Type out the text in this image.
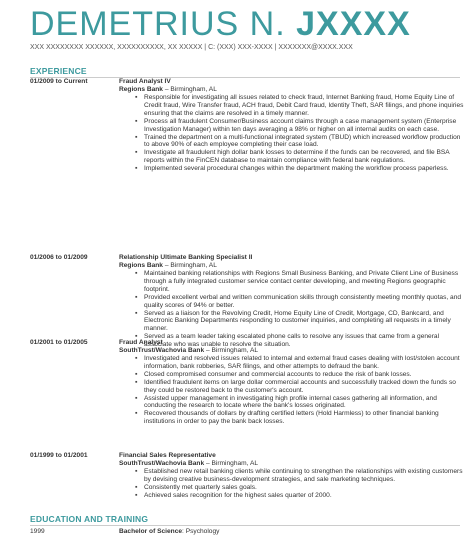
DEMETRIUS N. JXXXX
XXX XXXXXXXX XXXXXX, XXXXXXXXXX, XX XXXXX | C: (XXX) XXX-XXXX | XXXXXXX@XXXX.XXX
EXPERIENCE
01/2009 to Current	Fraud Analyst IV
Regions Bank – Birmingham, AL
▪ Responsible for investigating all issues related to check fraud, Internet Banking fraud, Home Equity Line of Credit fraud, Wire Transfer fraud, ACH fraud, Debit Card fraud, Identity Theft, SAR filings, and phone inquiries ensuring that the claims are resolved in a timely manner.
▪ Process all fraudulent Consumer/Business account claims through a case management system (Enterprise Investigation Manager) within ten days averaging a 98% or higher on all internal audits on each case.
▪ Trained the department on a multi-functional integrated system (TBUD) which increased workflow production to above 90% of each employee completing their case load.
▪ Investigate all fraudulent high dollar bank losses to determine if the funds can be recovered, and file BSA reports within the FinCEN database to maintain compliance with federal bank regulations.
▪ Implemented several procedural changes within the department making the workflow process paperless.
01/2006 to 01/2009	Relationship Ultimate Banking Specialist II
Regions Bank – Birmingham, AL
▪ Maintained banking relationships with Regions Small Business Banking, and Private Client Line of Business through a fully integrated customer service contact center developing, and meeting Regions geographic footprint.
▪ Provided excellent verbal and written communication skills through consistently meeting monthly quotas, and quality scores of 94% or better.
▪ Served as a liaison for the Revolving Credit, Home Equity Line of Credit, Mortgage, CD, Bankcard, and Electronic Banking Departments responding to customer inquiries, and completing all requests in a timely manner.
▪ Served as a team leader taking escalated phone calls to resolve any issues that came from a general associate who was unable to resolve the situation.
01/2001 to 01/2005	Fraud Analyst
SouthTrust/Wachovia Bank – Birmingham, AL
▪ Investigated and resolved issues related to internal and external fraud cases dealing with lost/stolen account information, bank robberies, SAR filings, and other attempts to defraud the bank.
▪ Closed compromised consumer and commercial accounts to reduce the risk of bank losses.
▪ Identified fraudulent items on large dollar commercial accounts and successfully tracked down the funds so they could be restored back to the customer's account.
▪ Assisted upper management in investigating high profile internal cases gathering all information, and conducting the research to locate where the bank's losses originated.
▪ Recovered thousands of dollars by drafting certified letters (Hold Harmless) to other financial banking institutions in order to pay the bank back losses.
01/1999 to 01/2001	Financial Sales Representative
SouthTrust/Wachovia Bank – Birmingham, AL
▪ Established new retail banking clients while continuing to strengthen the relationships with existing customers by devising creative business-development strategies, and sale marketing techniques.
▪ Consistently met quarterly sales goals.
▪ Achieved sales recognition for the highest sales quarter of 2000.
EDUCATION AND TRAINING
1999	Bachelor of Science: Psychology
